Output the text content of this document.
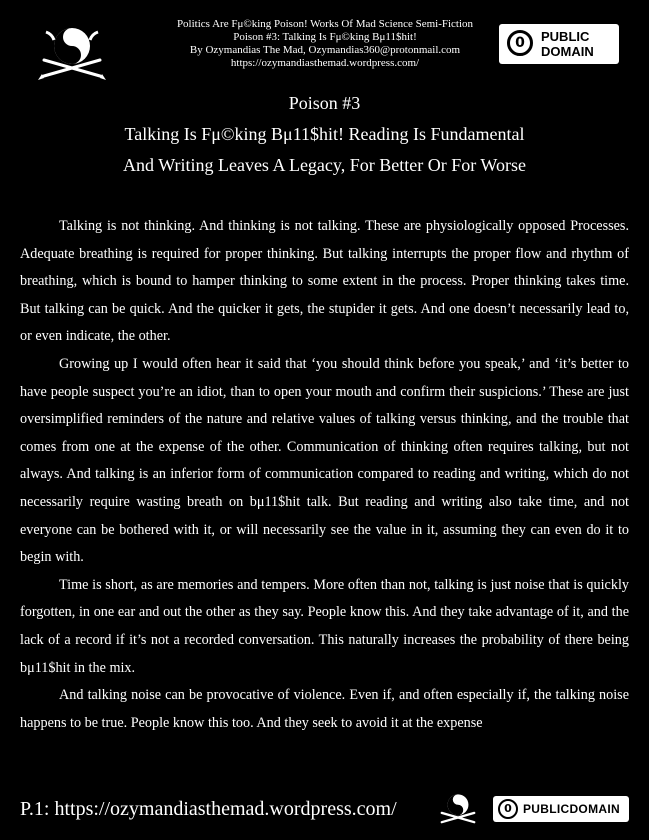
Politics Are Fμ©king Poison! Works Of Mad Science Semi-Fiction
Poison #3: Talking Is Fμ©king Bμ11$hit!
By Ozymandias The Mad, Ozymandias360@protonmail.com
https://ozymandiasthemad.wordpress.com/
0	PUBLIC
DOMAIN
Poison #3
Talking Is Fμ©king Bμ11$hit! Reading Is Fundamental
And Writing Leaves A Legacy, For Better Or For Worse

Talking is not thinking. And thinking is not talking. These are physiologically opposed Processes. Adequate breathing is required for proper thinking. But talking interrupts the proper flow and rhythm of breathing, which is bound to hamper thinking to some extent in the process. Proper thinking takes time. But talking can be quick. And the quicker it gets, the stupider it gets. And one doesn’t necessarily lead to, or even indicate, the other.

Growing up I would often hear it said that ‘you should think before you speak,’ and ‘it’s better to have people suspect you’re an idiot, than to open your mouth and confirm their suspicions.’ These are just oversimplified reminders of the nature and relative values of talking versus thinking, and the trouble that comes from one at the expense of the other. Communication of thinking often requires talking, but not always. And talking is an inferior form of communication compared to reading and writing, which do not necessarily require wasting breath on bμ11$hit talk. But reading and writing also take time, and not everyone can be bothered with it, or will necessarily see the value in it, assuming they can even do it to begin with.

Time is short, as are memories and tempers. More often than not, talking is just noise that is quickly forgotten, in one ear and out the other as they say. People know this. And they take advantage of it, and the lack of a record if it’s not a recorded conversation. This naturally increases the probability of there being bμ11$hit in the mix.

And talking noise can be provocative of violence. Even if, and often especially if, the talking noise happens to be true. People know this too. And they seek to avoid it at the expense

P.1: https://ozymandiasthemad.wordpress.com/	0 PUBLICDOMAIN
